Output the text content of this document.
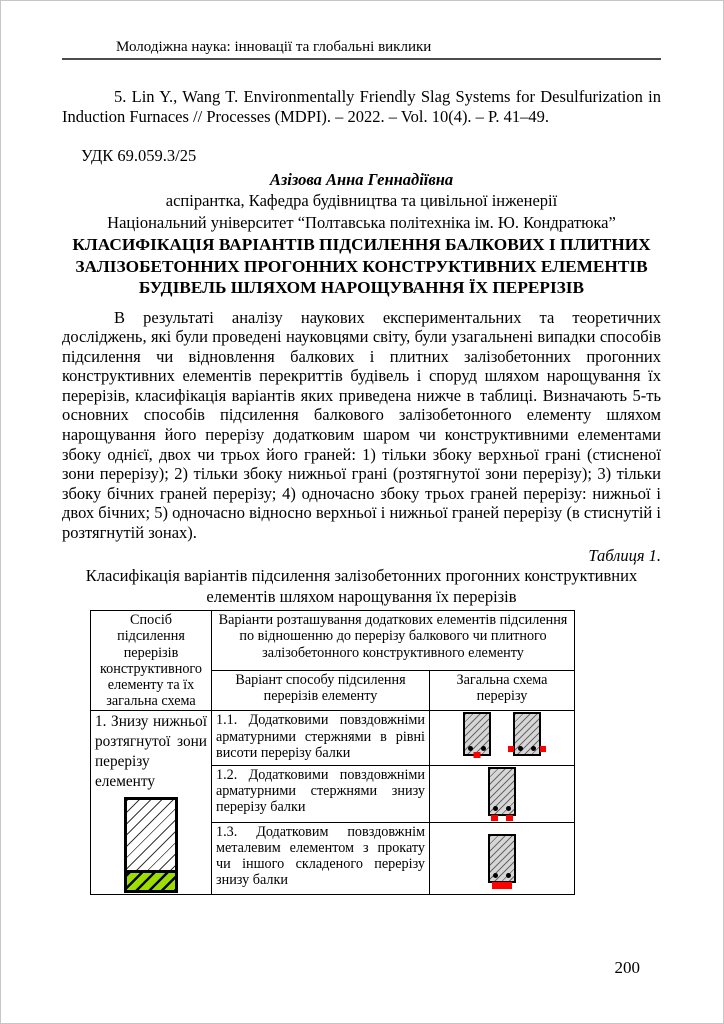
Молодіжна наука: інновації та глобальні виклики

5. Lin Y., Wang T. Environmentally Friendly Slag Systems for Desulfurization in Induction Furnaces // Processes (MDPI). – 2022. – Vol. 10(4). – P. 41–49.

УДК 69.059.3/25

Азізова Анна Геннадіївна
аспірантка, Кафедра будівництва та цивільної інженерії
Національний університет “Полтавська політехніка ім. Ю. Кондратюка”
КЛАСИФІКАЦІЯ ВАРІАНТІВ ПІДСИЛЕННЯ БАЛКОВИХ І ПЛИТНИХ ЗАЛІЗОБЕТОННИХ ПРОГОННИХ КОНСТРУКТИВНИХ ЕЛЕМЕНТІВ БУДІВЕЛЬ ШЛЯХОМ НАРОЩУВАННЯ ЇХ ПЕРЕРІЗІВ

В результаті аналізу наукових експериментальних та теоретичних досліджень, які були проведені науковцями світу, були узагальнені випадки способів підсилення чи відновлення балкових і плитних залізобетонних прогонних конструктивних елементів перекриттів будівель і споруд шляхом нарощування їх перерізів, класифікація варіантів яких приведена нижче в таблиці. Визначають 5-ть основних способів підсилення балкового залізобетонного елементу шляхом нарощування його перерізу додатковим шаром чи конструктивними елементами збоку однієї, двох чи трьох його граней: 1) тільки збоку верхньої грані (стисненої зони перерізу); 2) тільки збоку нижньої грані (розтягнутої зони перерізу); 3) тільки збоку бічних граней перерізу; 4) одночасно збоку трьох граней перерізу: нижньої і двох бічних; 5) одночасно відносно верхньої і нижньої граней перерізу (в стиснутій і розтягнутій зонах).

Таблиця 1.
Класифікація варіантів підсилення залізобетонних прогонних конструктивних елементів шляхом нарощування їх перерізів
Спосіб підсилення перерізів конструктивного елементу та їх загальна схема	Варіанти розташування додаткових елементів підсилення по відношенню до перерізу балкового чи плитного залізобетонного конструктивного елементу	
	Варіант способу підсилення перерізів елементу	Загальна схема перерізу
1. Знизу нижньої розтягнутої зони перерізу елементу	1.1. Додатковими повздовжніми арматурними стержнями в рівні висоти перерізу балки	

	1.2. Додатковими повздовжніми арматурними стержнями знизу перерізу балки	

	1.3. Додатковим повздовжнім металевим елементом з прокату чи іншого складеного перерізу знизу балки	
200
